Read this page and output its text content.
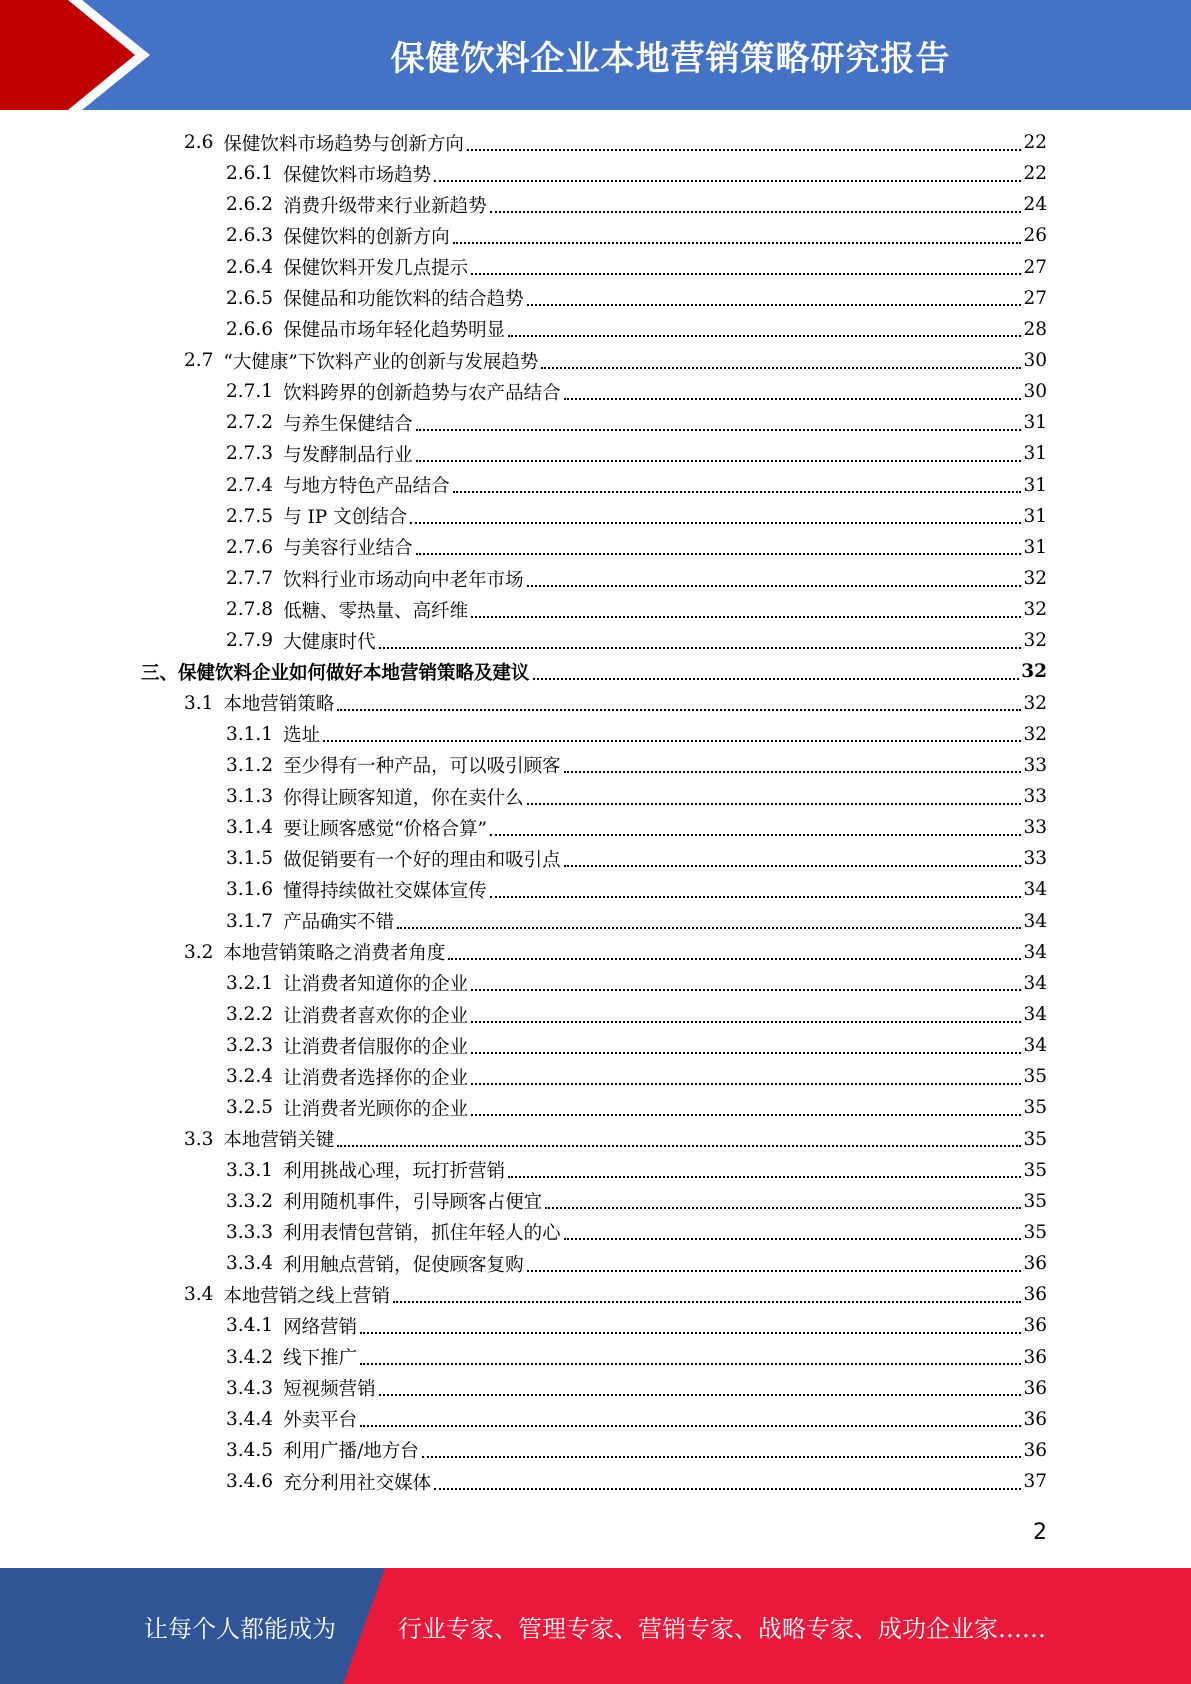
保健饮料企业本地营销策略研究报告
2.6 保健饮料市场趋势与创新方向	22
2.6.1 保健饮料市场趋势	22
2.6.2 消费升级带来行业新趋势	24
2.6.3 保健饮料的创新方向	26
2.6.4 保健饮料开发几点提示	27
2.6.5 保健品和功能饮料的结合趋势	27
2.6.6 保健品市场年轻化趋势明显	28
2.7 “大健康”下饮料产业的创新与发展趋势	30
2.7.1 饮料跨界的创新趋势与农产品结合	30
2.7.2 与养生保健结合	31
2.7.3 与发酵制品行业	31
2.7.4 与地方特色产品结合	31
2.7.5 与 IP 文创结合	31
2.7.6 与美容行业结合	31
2.7.7 饮料行业市场动向中老年市场	32
2.7.8 低糖、零热量、高纤维	32
2.7.9 大健康时代	32
三、 保健饮料企业如何做好本地营销策略及建议	32
3.1 本地营销策略	32
3.1.1 选址	32
3.1.2 至少得有一种产品，可以吸引顾客	33
3.1.3 你得让顾客知道，你在卖什么	33
3.1.4 要让顾客感觉“价格合算”	33
3.1.5 做促销要有一个好的理由和吸引点	33
3.1.6 懂得持续做社交媒体宣传	34
3.1.7 产品确实不错	34
3.2 本地营销策略之消费者角度	34
3.2.1 让消费者知道你的企业	34
3.2.2 让消费者喜欢你的企业	34
3.2.3 让消费者信服你的企业	34
3.2.4 让消费者选择你的企业	35
3.2.5 让消费者光顾你的企业	35
3.3 本地营销关键	35
3.3.1 利用挑战心理，玩打折营销	35
3.3.2 利用随机事件，引导顾客占便宜	35
3.3.3 利用表情包营销，抓住年轻人的心	35
3.3.4 利用触点营销，促使顾客复购	36
3.4 本地营销之线上营销	36
3.4.1 网络营销	36
3.4.2 线下推广	36
3.4.3 短视频营销	36
3.4.4 外卖平台	36
3.4.5 利用广播/地方台	36
3.4.6 充分利用社交媒体	37
2
让每个人都能成为	行业专家、管理专家、营销专家、战略专家、成功企业家……
